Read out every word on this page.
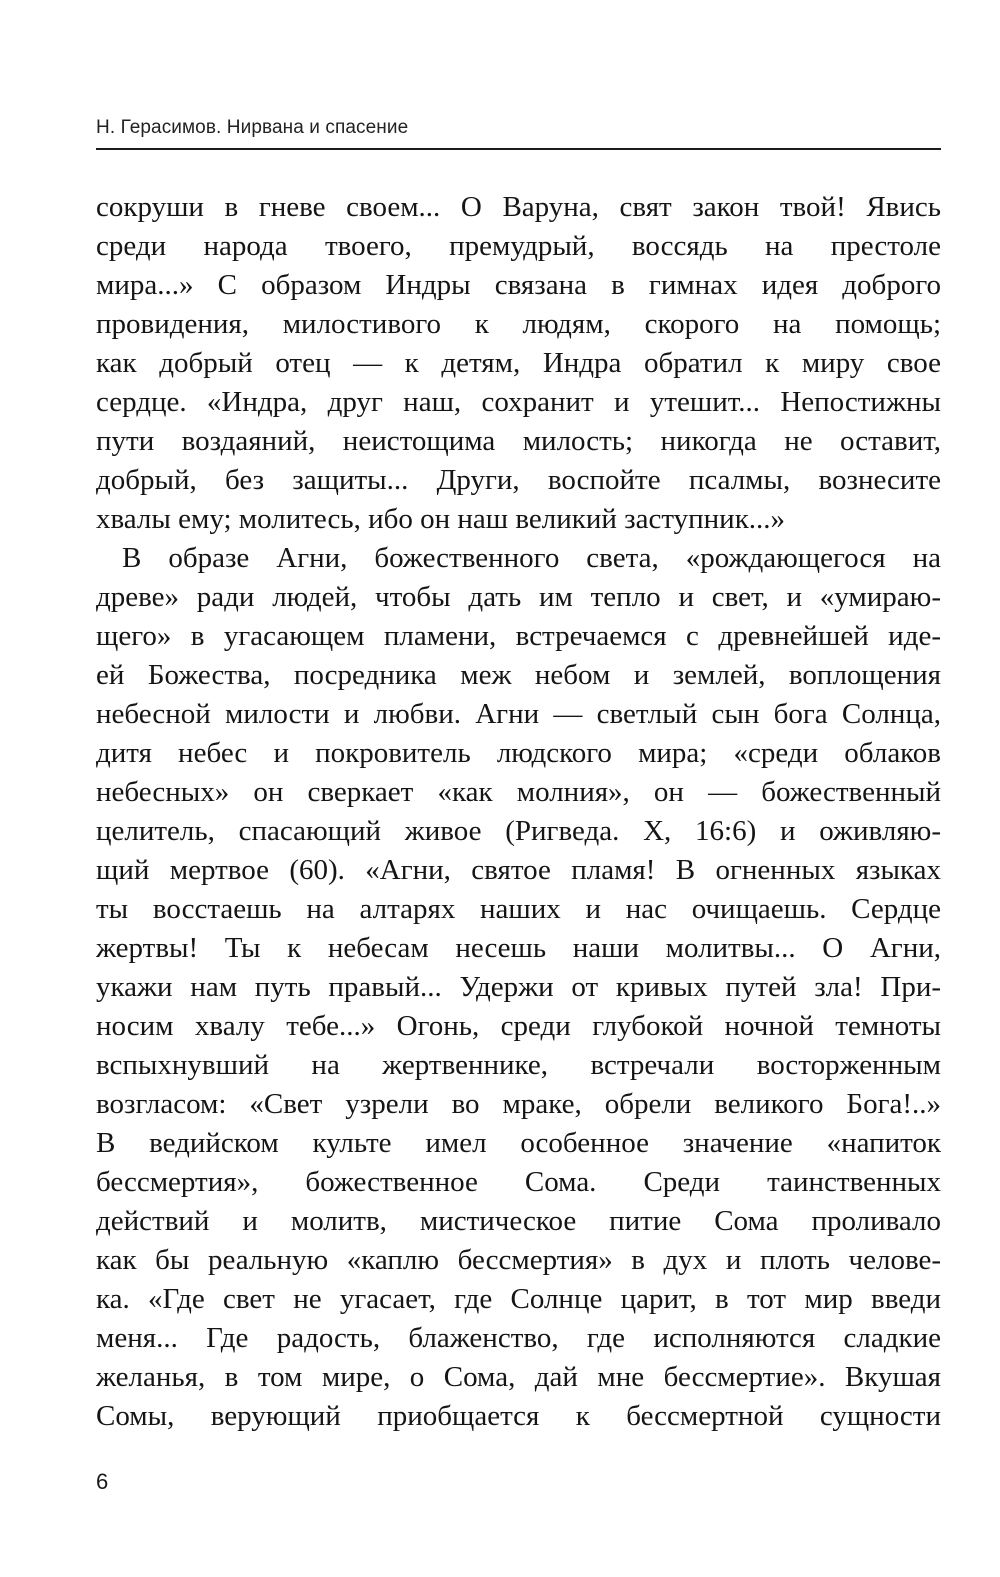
Н. Герасимов. Нирвана и спасение
сокруши в гневе своем... О Варуна, свят закон твой! Явись
среди народа твоего, премудрый, воссядь на престоле
мира...» С образом Индры связана в гимнах идея доброго
провидения, милостивого к людям, скорого на помощь;
как добрый отец — к детям, Индра обратил к миру свое
сердце. «Индра, друг наш, сохранит и утешит... Непостижны
пути воздаяний, неистощима милость; никогда не оставит,
добрый, без защиты... Други, воспойте псалмы, вознесите
хвалы ему; молитесь, ибо он наш великий заступник...»
В образе Агни, божественного света, «рождающегося на
древе» ради людей, чтобы дать им тепло и свет, и «умираю-
щего» в угасающем пламени, встречаемся с древнейшей иде-
ей Божества, посредника меж небом и землей, воплощения
небесной милости и любви. Агни — светлый сын бога Солнца,
дитя небес и покровитель людского мира; «среди облаков
небесных» он сверкает «как молния», он — божественный
целитель, спасающий живое (Ригведа. X, 16:6) и оживляю-
щий мертвое (60). «Агни, святое пламя! В огненных языках
ты восстаешь на алтарях наших и нас очищаешь. Сердце
жертвы! Ты к небесам несешь наши молитвы... О Агни,
укажи нам путь правый... Удержи от кривых путей зла! При-
носим хвалу тебе...» Огонь, среди глубокой ночной темноты
вспыхнувший на жертвеннике, встречали восторженным
возгласом: «Свет узрели во мраке, обрели великого Бога!..»
В ведийском культе имел особенное значение «напиток
бессмертия», божественное Сома. Среди таинственных
действий и молитв, мистическое питие Сома проливало
как бы реальную «каплю бессмертия» в дух и плоть челове-
ка. «Где свет не угасает, где Солнце царит, в тот мир введи
меня... Где радость, блаженство, где исполняются сладкие
желанья, в том мире, о Сома, дай мне бессмертие». Вкушая
Сомы, верующий приобщается к бессмертной сущности
6
